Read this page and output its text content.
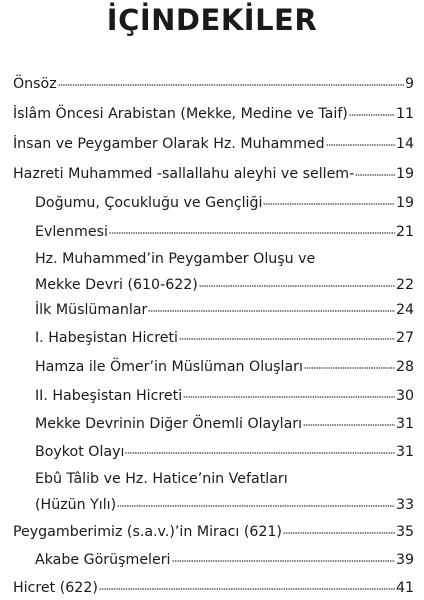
İÇİNDEKİLER
Önsöz	9
İslâm Öncesi Arabistan (Mekke, Medine ve Taif)	11
İnsan ve Peygamber Olarak Hz. Muhammed	14
Hazreti Muhammed -sallallahu aleyhi ve sellem-	19
Doğumu, Çocukluğu ve Gençliği	19
Evlenmesi	21
Hz. Muhammed’in Peygamber Oluşu ve
Mekke Devri (610-622)	22
İlk Müslümanlar	24
I. Habeşistan Hicreti	27
Hamza ile Ömer’in Müslüman Oluşları	28
II. Habeşistan Hicreti	30
Mekke Devrinin Diğer Önemli Olayları	31
Boykot Olayı	31
Ebû Tâlib ve Hz. Hatice’nin Vefatları
(Hüzün Yılı)	33
Peygamberimiz (s.a.v.)’in Miracı (621)	35
Akabe Görüşmeleri	39
Hicret (622)	41
